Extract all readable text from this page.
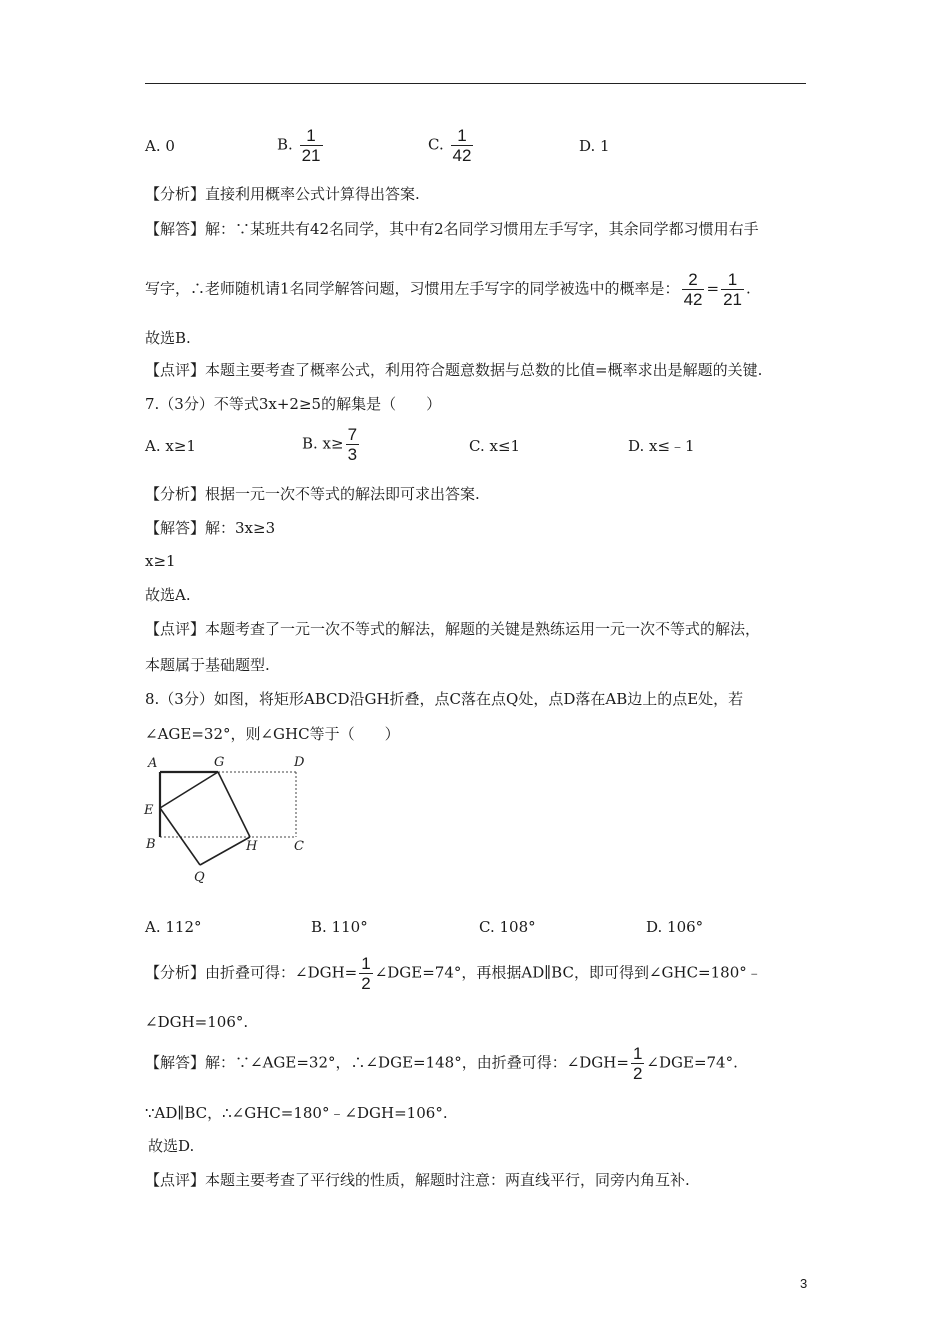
A. 0	B. $\frac{1}{21}$	C. $\frac{1}{42}$	D. 1
【分析】直接利用概率公式计算得出答案.
【解答】解：∵某班共有42名同学，其中有2名同学习惯用左手写字，其余同学都习惯用右手
写字，∴老师随机请1名同学解答问题，习惯用左手写字的同学被选中的概率是： $\frac{2}{42} = \frac{1}{21}$ .
故选B.
【点评】本题主要考查了概率公式，利用符合题意数据与总数的比值=概率求出是解题的关键.
7.（3分）不等式3x+2≥5的解集是（　　）
A. x≥1	B. $x\ge \frac{7}{3}$	C. x≤1	D. x≤﹣1
【分析】根据一元一次不等式的解法即可求出答案.
【解答】解：3x≥3
x≥1
故选A.
【点评】本题考查了一元一次不等式的解法，解题的关键是熟练运用一元一次不等式的解法，
本题属于基础题型.
8.（3分）如图，将矩形ABCD沿GH折叠，点C落在点Q处，点D落在AB边上的点E处，若
∠AGE=32°，则∠GHC等于（　　）
A	G	D
E
B	H	C
Q
A. 112°	B. 110°	C. 108°	D. 106°
【分析】由折叠可得：∠DGH= $\frac{1}{2}$ ∠DGE=74°，再根据AD∥BC，即可得到∠GHC=180°﹣
∠DGH=106°.
【解答】解：∵∠AGE=32°，∴∠DGE=148°，由折叠可得：∠DGH= $\frac{1}{2}$ ∠DGE=74°.
∵AD∥BC，∴∠GHC=180°﹣∠DGH=106°.
故选D.
【点评】本题主要考查了平行线的性质，解题时注意：两直线平行，同旁内角互补.
3
